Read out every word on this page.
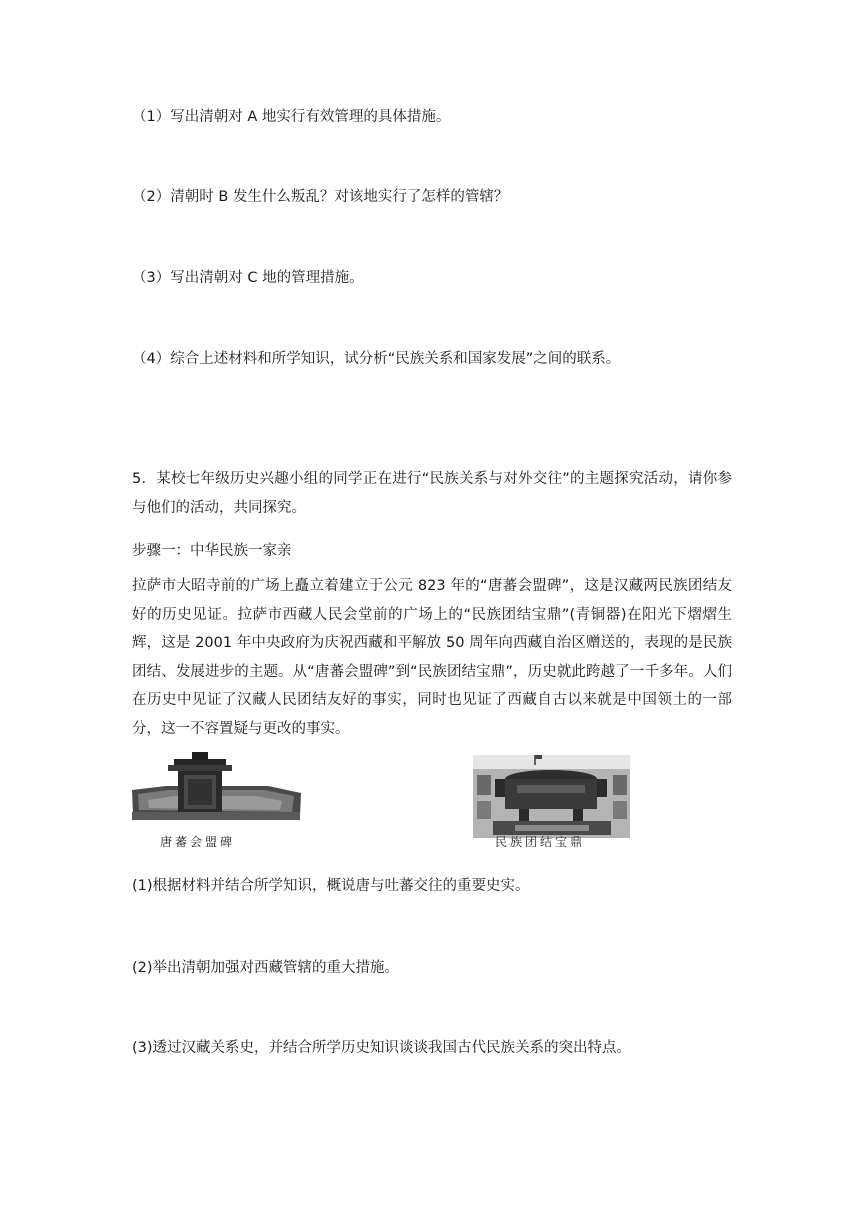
（1）写出清朝对 A 地实行有效管理的具体措施。
（2）清朝时 B 发生什么叛乱？对该地实行了怎样的管辖？
（3）写出清朝对 C 地的管理措施。
（4）综合上述材料和所学知识，试分析“民族关系和国家发展”之间的联系。
5．某校七年级历史兴趣小组的同学正在进行“民族关系与对外交往”的主题探究活动，请你参与他们的活动，共同探究。
步骤一：中华民族一家亲
拉萨市大昭寺前的广场上矗立着建立于公元 823 年的“唐蕃会盟碑”，这是汉藏两民族团结友好的历史见证。拉萨市西藏人民会堂前的广场上的“民族团结宝鼎”(青铜器)在阳光下熠熠生辉，这是 2001 年中央政府为庆祝西藏和平解放 50 周年向西藏自治区赠送的，表现的是民族团结、发展进步的主题。从“唐蕃会盟碑”到“民族团结宝鼎”，历史就此跨越了一千多年。人们在历史中见证了汉藏人民团结友好的事实，同时也见证了西藏自古以来就是中国领土的一部分，这一不容置疑与更改的事实。
唐蕃会盟碑	民族团结宝鼎
(1)根据材料并结合所学知识，概说唐与吐蕃交往的重要史实。
(2)举出清朝加强对西藏管辖的重大措施。
(3)透过汉藏关系史，并结合所学历史知识谈谈我国古代民族关系的突出特点。
